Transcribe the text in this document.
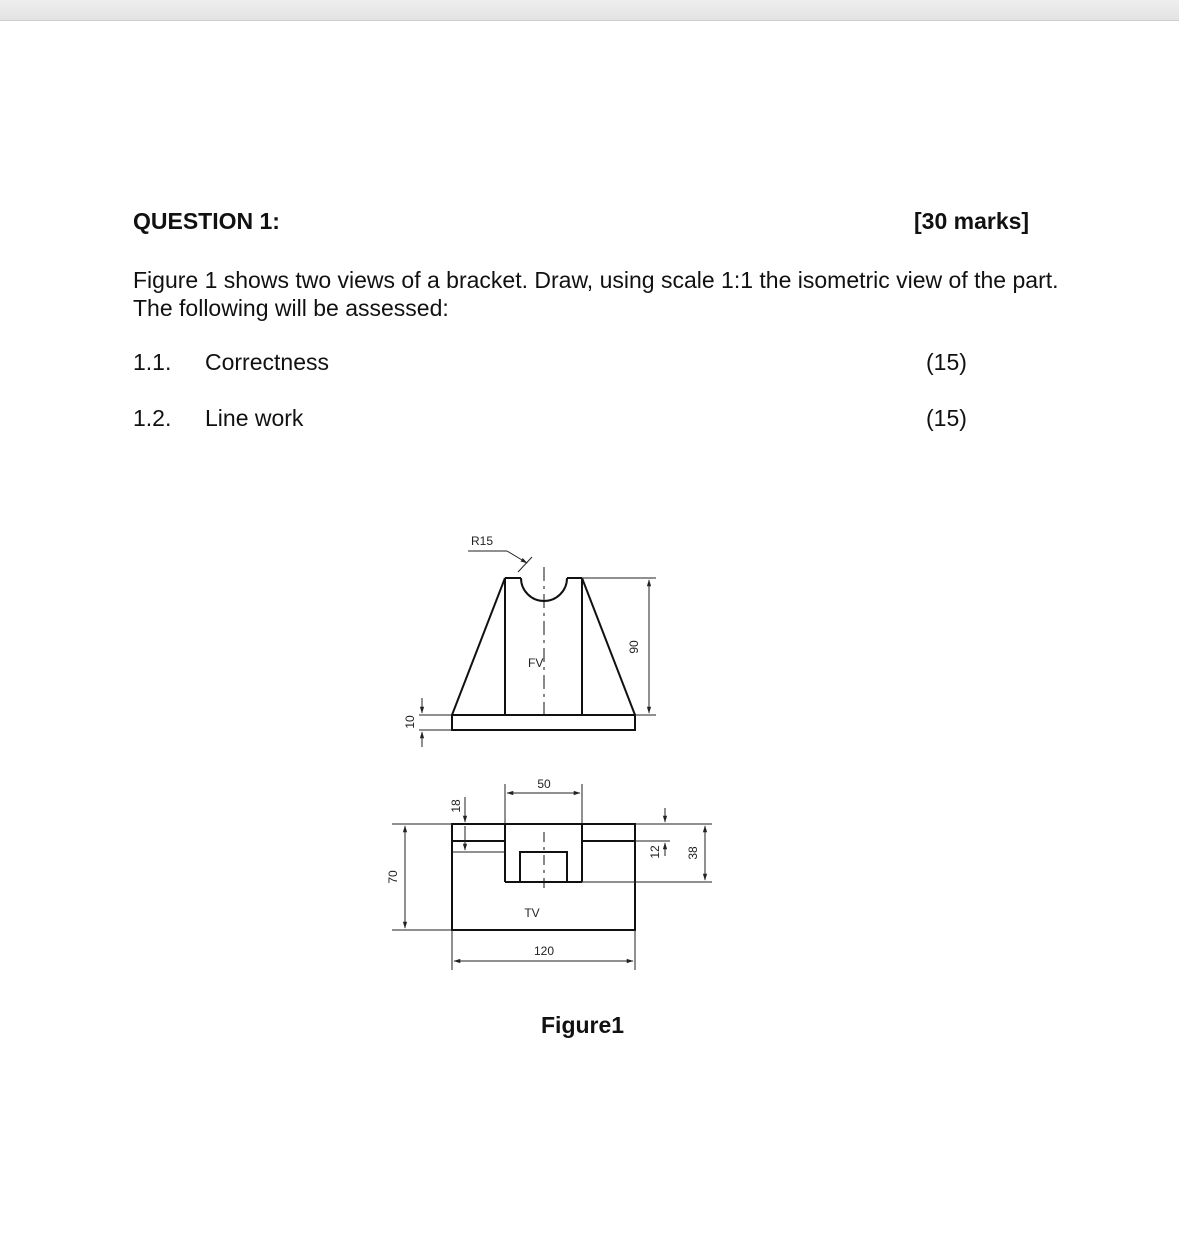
QUESTION 1:	[30 marks]
Figure 1 shows two views of a bracket. Draw, using scale 1:1 the isometric view of the part. The following will be assessed:
1.1. Correctness	(15)
1.2. Line work	(15)
R15
90
10
FV
50
18
70
12 38
TV
120
Figure1
